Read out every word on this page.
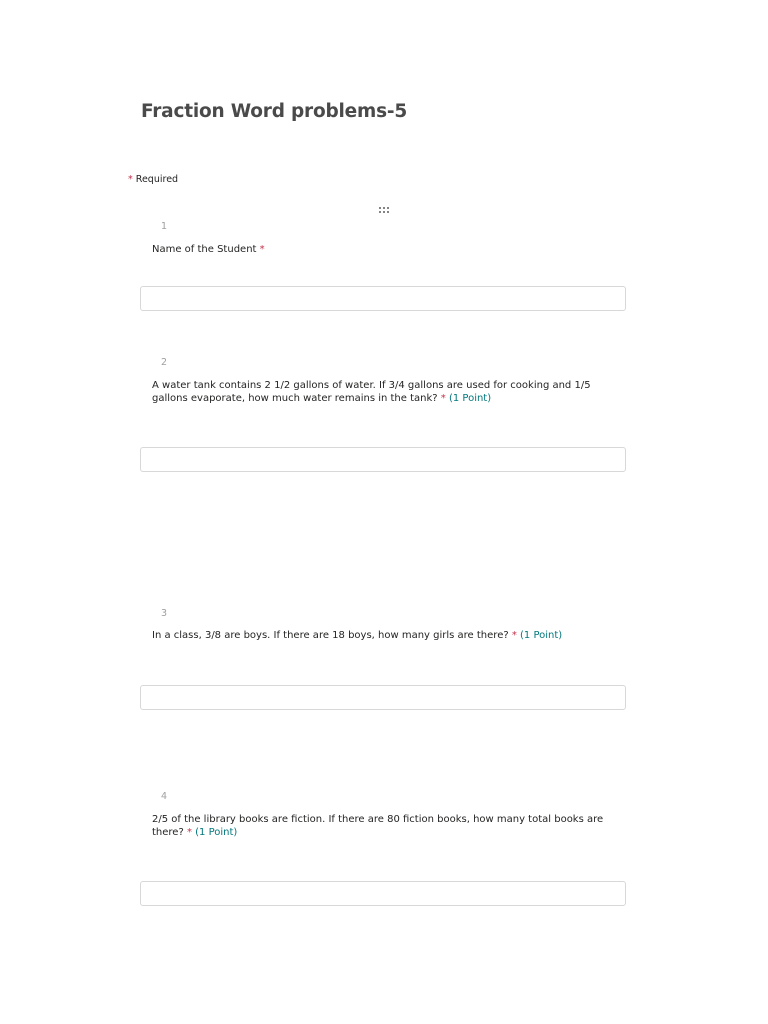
Fraction Word problems-5
* Required
1
Name of the Student *
2
A water tank contains 2 1/2 gallons of water. If 3/4 gallons are used for cooking and 1/5 gallons evaporate, how much water remains in the tank? * (1 Point)
3
In a class, 3/8 are boys. If there are 18 boys, how many girls are there? * (1 Point)
4
2/5 of the library books are fiction. If there are 80 fiction books, how many total books are there? * (1 Point)
